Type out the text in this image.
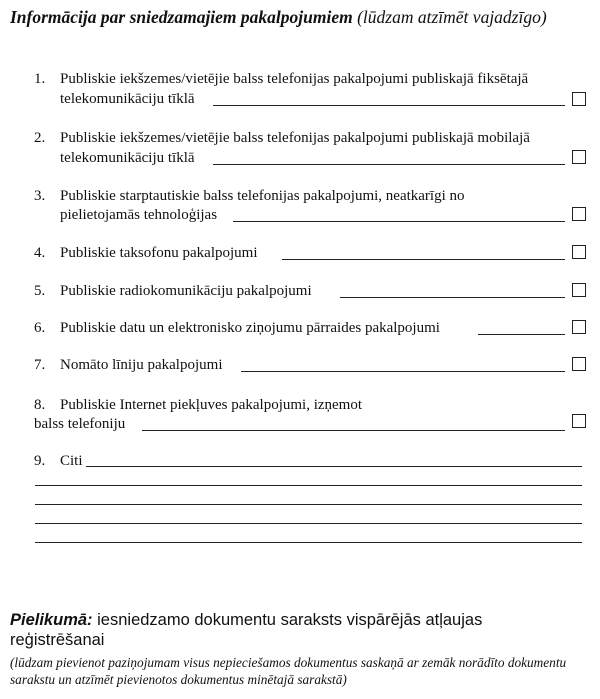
Informācija par sniedzamajiem pakalpojumiem (lūdzam atzīmēt vajadzīgo)
1. Publiskie iekšzemes/vietējie balss telefonijas pakalpojumi publiskajā fiksētajā
telekomunikāciju tīklā
2. Publiskie iekšzemes/vietējie balss telefonijas pakalpojumi publiskajā mobilajā
telekomunikāciju tīklā
3. Publiskie starptautiskie balss telefonijas pakalpojumi, neatkarīgi no
pielietojamās tehnoloģijas
4. Publiskie taksofonu pakalpojumi
5. Publiskie radiokomunikāciju pakalpojumi
6. Publiskie datu un elektronisko ziņojumu pārraides pakalpojumi
7. Nomāto līniju pakalpojumi
8. Publiskie Internet piekļuves pakalpojumi, izņemot
balss telefoniju
9. Citi
Pielikumā: iesniedzamo dokumentu saraksts vispārējās atļaujas reģistrēšanai
(lūdzam pievienot paziņojumam visus nepieciešamos dokumentus saskaņā ar zemāk norādīto dokumentu sarakstu un atzīmēt pievienotos dokumentus minētajā sarakstā)
